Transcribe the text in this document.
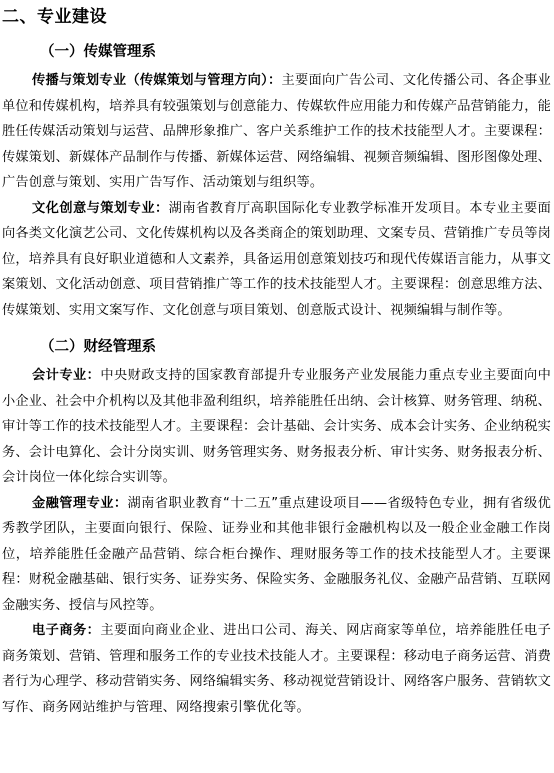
二、专业建设
（一）传媒管理系

传播与策划专业（传媒策划与管理方向）：主要面向广告公司、文化传播公司、各企事业单位和传媒机构，培养具有较强策划与创意能力、传媒软件应用能力和传媒产品营销能力，能胜任传媒活动策划与运营、品牌形象推广、客户关系维护工作的技术技能型人才。主要课程：传媒策划、新媒体产品制作与传播、新媒体运营、网络编辑、视频音频编辑、图形图像处理、广告创意与策划、实用广告写作、活动策划与组织等。

文化创意与策划专业：湖南省教育厅高职国际化专业教学标准开发项目。本专业主要面向各类文化演艺公司、文化传媒机构以及各类商企的策划助理、文案专员、营销推广专员等岗位，培养具有良好职业道德和人文素养，具备运用创意策划技巧和现代传媒语言能力，从事文案策划、文化活动创意、项目营销推广等工作的技术技能型人才。主要课程：创意思维方法、传媒策划、实用文案写作、文化创意与项目策划、创意版式设计、视频编辑与制作等。

（二）财经管理系

会计专业：中央财政支持的国家教育部提升专业服务产业发展能力重点专业主要面向中小企业、社会中介机构以及其他非盈利组织，培养能胜任出纳、会计核算、财务管理、纳税、审计等工作的技术技能型人才。主要课程：会计基础、会计实务、成本会计实务、企业纳税实务、会计电算化、会计分岗实训、财务管理实务、财务报表分析、审计实务、财务报表分析、会计岗位一体化综合实训等。

金融管理专业：湖南省职业教育“十二五”重点建设项目——省级特色专业，拥有省级优秀教学团队，主要面向银行、保险、证券业和其他非银行金融机构以及一般企业金融工作岗位，培养能胜任金融产品营销、综合柜台操作、理财服务等工作的技术技能型人才。主要课程：财税金融基础、银行实务、证券实务、保险实务、金融服务礼仪、金融产品营销、互联网金融实务、授信与风控等。

电子商务：主要面向商业企业、进出口公司、海关、网店商家等单位，培养能胜任电子商务策划、营销、管理和服务工作的专业技术技能人才。主要课程：移动电子商务运营、消费者行为心理学、移动营销实务、网络编辑实务、移动视觉营销设计、网络客户服务、营销软文写作、商务网站维护与管理、网络搜索引擎优化等。
